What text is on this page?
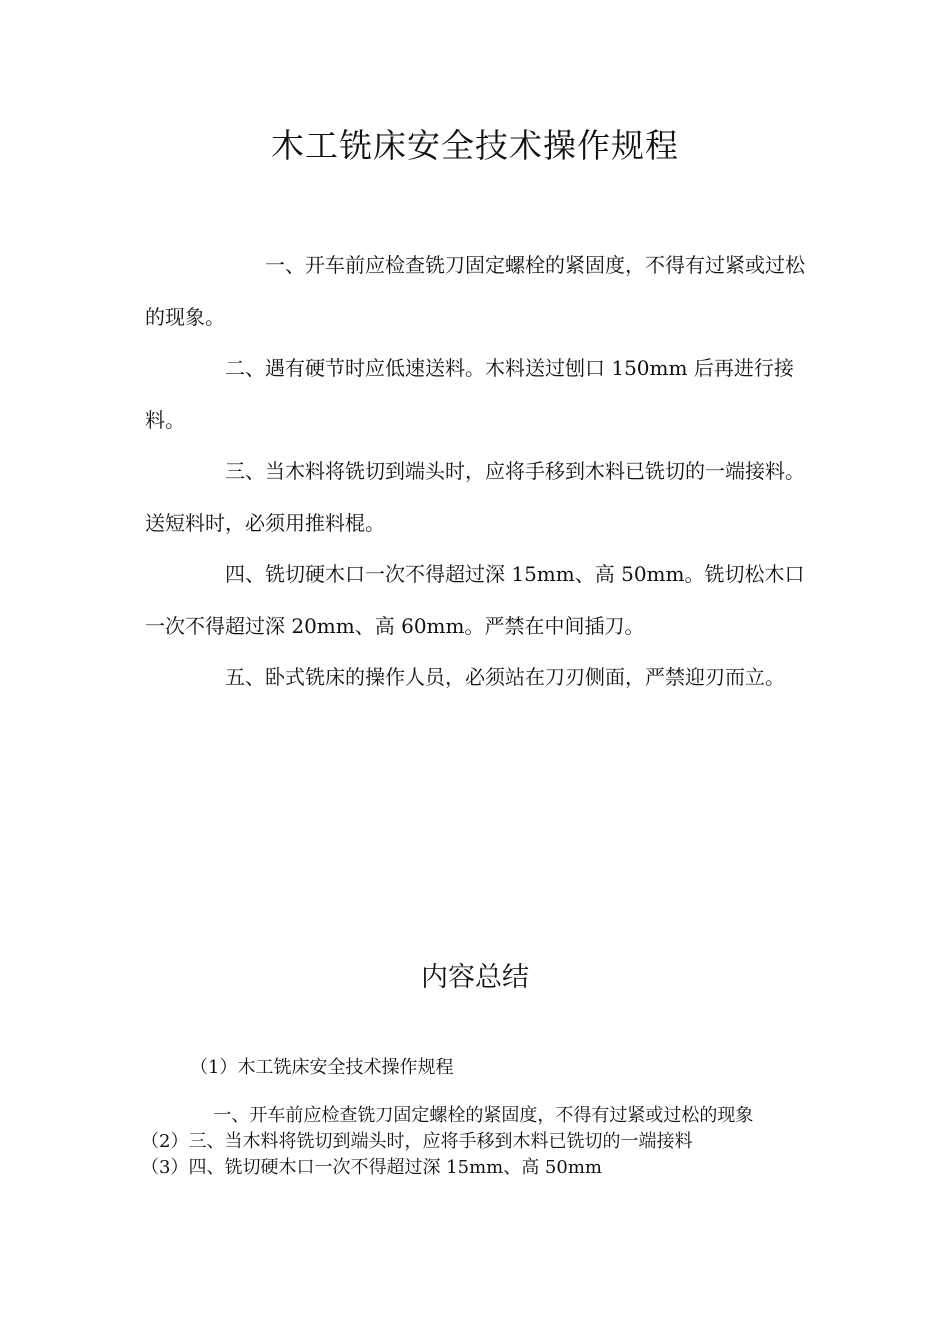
木工铣床安全技术操作规程

一、开车前应检查铣刀固定螺栓的紧固度，不得有过紧或过松的现象。

二、遇有硬节时应低速送料。木料送过刨口 150mm 后再进行接料。

三、当木料将铣切到端头时，应将手移到木料已铣切的一端接料。送短料时，必须用推料棍。

四、铣切硬木口一次不得超过深 15mm、高 50mm。铣切松木口一次不得超过深 20mm、高 60mm。严禁在中间插刀。

五、卧式铣床的操作人员，必须站在刀刃侧面，严禁迎刃而立。

内容总结

（1）木工铣床安全技术操作规程

一、开车前应检查铣刀固定螺栓的紧固度，不得有过紧或过松的现象

（2）三、当木料将铣切到端头时，应将手移到木料已铣切的一端接料

（3）四、铣切硬木口一次不得超过深 15mm、高 50mm
